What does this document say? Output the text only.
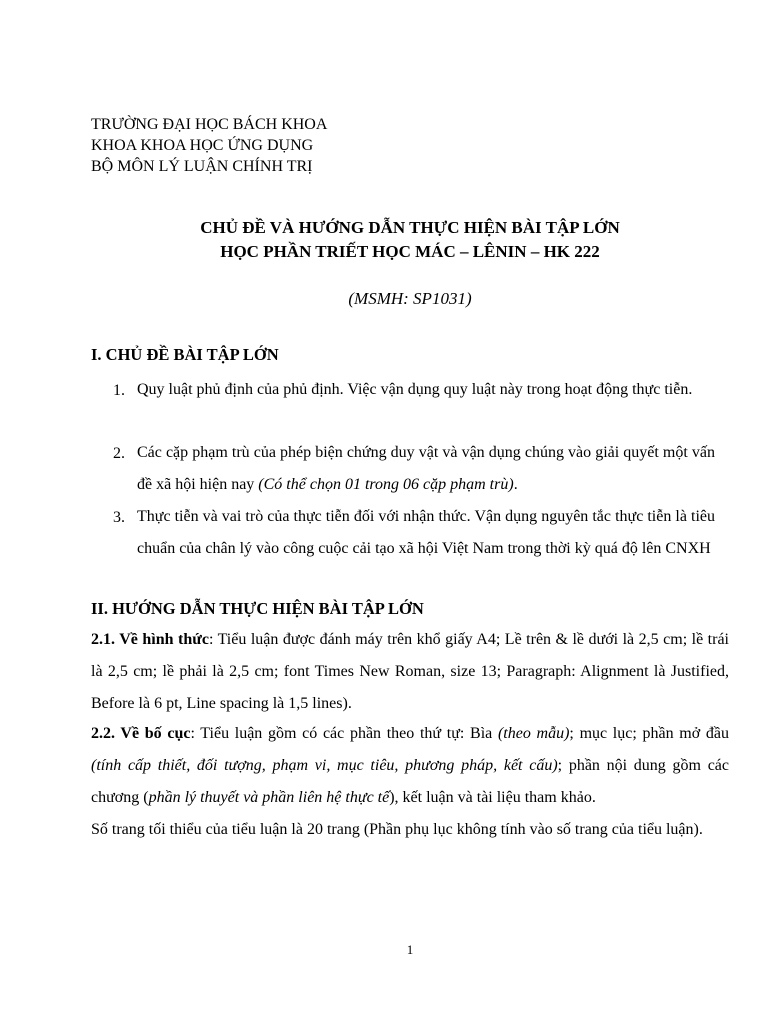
TRƯỜNG ĐẠI HỌC BÁCH KHOA
KHOA KHOA HỌC ỨNG DỤNG
BỘ MÔN LÝ LUẬN CHÍNH TRỊ
CHỦ ĐỀ VÀ HƯỚNG DẪN THỰC HIỆN BÀI TẬP LỚN
HỌC PHẦN TRIẾT HỌC MÁC – LÊNIN – HK 222
(MSMH: SP1031)
I. CHỦ ĐỀ BÀI TẬP LỚN
1. Quy luật phủ định của phủ định. Việc vận dụng quy luật này trong hoạt động thực tiễn.
2. Các cặp phạm trù của phép biện chứng duy vật và vận dụng chúng vào giải quyết một vấn đề xã hội hiện nay (Có thể chọn 01 trong 06 cặp phạm trù).
3. Thực tiễn và vai trò của thực tiễn đối với nhận thức. Vận dụng nguyên tắc thực tiễn là tiêu chuẩn của chân lý vào công cuộc cải tạo xã hội Việt Nam trong thời kỳ quá độ lên CNXH
II. HƯỚNG DẪN THỰC HIỆN BÀI TẬP LỚN
2.1. Về hình thức: Tiểu luận được đánh máy trên khổ giấy A4; Lề trên & lề dưới là 2,5 cm; lề trái là 2,5 cm; lề phải là 2,5 cm; font Times New Roman, size 13; Paragraph: Alignment là Justified, Before là 6 pt, Line spacing là 1,5 lines).
2.2. Về bố cục: Tiểu luận gồm có các phần theo thứ tự: Bìa (theo mẫu); mục lục; phần mở đầu (tính cấp thiết, đối tượng, phạm vi, mục tiêu, phương pháp, kết cấu); phần nội dung gồm các chương (phần lý thuyết và phần liên hệ thực tế), kết luận và tài liệu tham khảo.
Số trang tối thiểu của tiểu luận là 20 trang (Phần phụ lục không tính vào số trang của tiểu luận).
1
